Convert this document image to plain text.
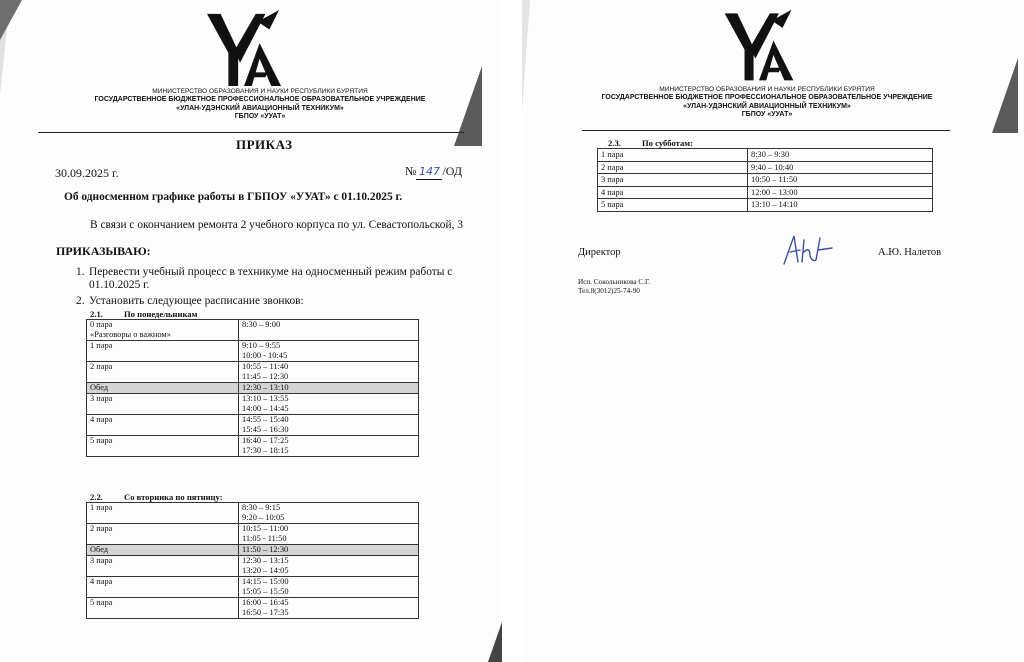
МИНИСТЕРСТВО ОБРАЗОВАНИЯ И НАУКИ РЕСПУБЛИКИ БУРЯТИЯ
ГОСУДАРСТВЕННОЕ БЮДЖЕТНОЕ ПРОФЕССИОНАЛЬНОЕ ОБРАЗОВАТЕЛЬНОЕ УЧРЕЖДЕНИЕ
«УЛАН-УДЭНСКИЙ АВИАЦИОННЫЙ ТЕХНИКУМ»
ГБПОУ «УУАТ»
ПРИКАЗ
30.09.2025 г.	№ 147 /ОД
Об односменном графике работы в ГБПОУ «УУАТ» с 01.10.2025 г.
В связи с окончанием ремонта 2 учебного корпуса по ул. Севастопольской, 3
ПРИКАЗЫВАЮ:
1. Перевести учебный процесс в техникуме на односменный режим работы с 01.10.2025 г.
2. Установить следующее расписание звонков:
2.1. По понедельникам
0 пара
«Разговоры о важном»	8:30 – 9:00

1 пара	9:10 – 9:55
10:00 - 10:45

2 пара	10:55 – 11:40
11:45 – 12:30

Обед	12:30 – 13:10

3 пара	13:10 – 13:55
14:00 – 14:45

4 пара	14:55 – 15:40
15:45 – 16:30

5 пара	16:40 – 17:25
17:30 – 18:15
2.2. Со вторника по пятницу:
1 пара	8:30 – 9:15
9:20 – 10:05

2 пара	10:15 – 11:00
11:05 - 11:50

Обед	11:50 – 12:30

3 пара	12:30 – 13:15
13:20 – 14:05

4 пара	14:15 – 15:00
15:05 – 15:50

5 пара	16:00 – 16:45
16:50 – 17:35
МИНИСТЕРСТВО ОБРАЗОВАНИЯ И НАУКИ РЕСПУБЛИКИ БУРЯТИЯ
ГОСУДАРСТВЕННОЕ БЮДЖЕТНОЕ ПРОФЕССИОНАЛЬНОЕ ОБРАЗОВАТЕЛЬНОЕ УЧРЕЖДЕНИЕ
«УЛАН-УДЭНСКИЙ АВИАЦИОННЫЙ ТЕХНИКУМ»
ГБПОУ «УУАТ»
2.3. По субботам:
1 пара	8:30 – 9:30

2 пара	9:40 – 10:40

3 пара	10:50 – 11:50

4 пара	12:00 – 13:00

5 пара	13:10 – 14:10
Директор	А.Ю. Налетов
Исп. Сокольникова С.Г.
Тел.8(3012)25-74-90
